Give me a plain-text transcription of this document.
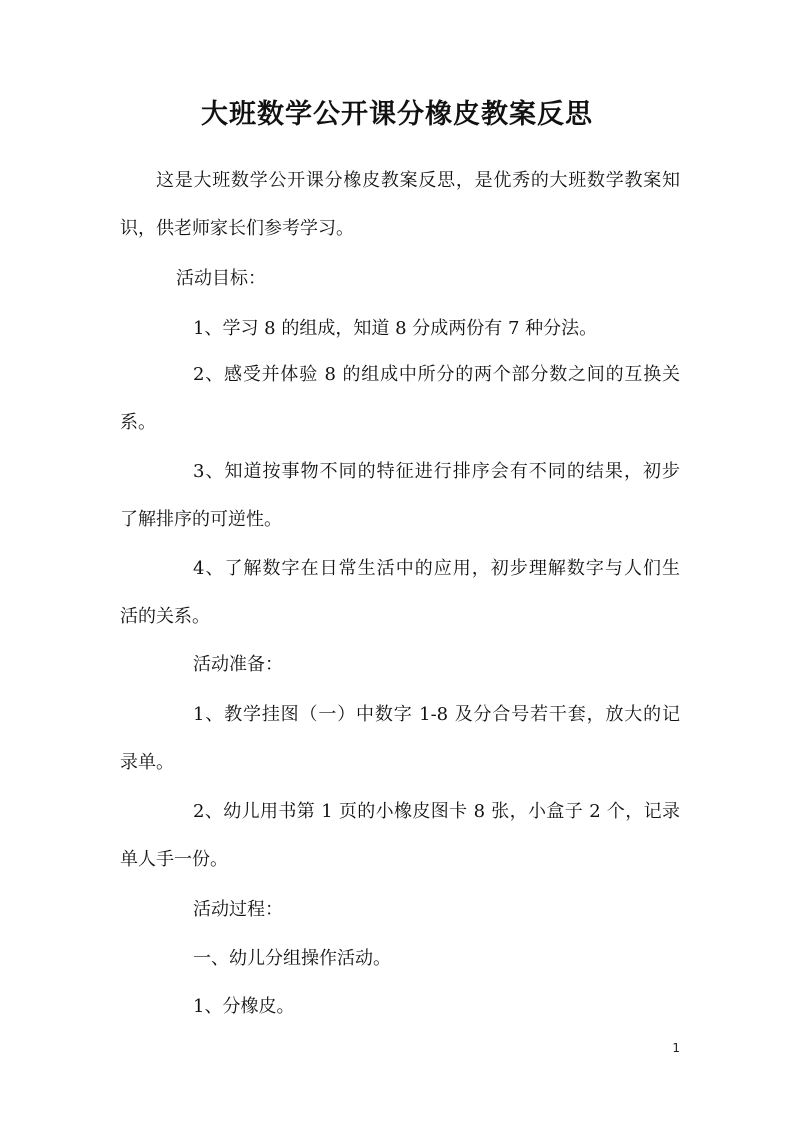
大班数学公开课分橡皮教案反思
这是大班数学公开课分橡皮教案反思，是优秀的大班数学教案知
识，供老师家长们参考学习。
活动目标：
1、学习 8 的组成，知道 8 分成两份有 7 种分法。
2、感受并体验 8 的组成中所分的两个部分数之间的互换关
系。
3、知道按事物不同的特征进行排序会有不同的结果，初步
了解排序的可逆性。
4、了解数字在日常生活中的应用，初步理解数字与人们生
活的关系。
活动准备：
1、教学挂图（一）中数字 1-8 及分合号若干套，放大的记
录单。
2、幼儿用书第 1 页的小橡皮图卡 8 张，小盒子 2 个，记录
单人手一份。
活动过程：
一、幼儿分组操作活动。
1、分橡皮。
1
